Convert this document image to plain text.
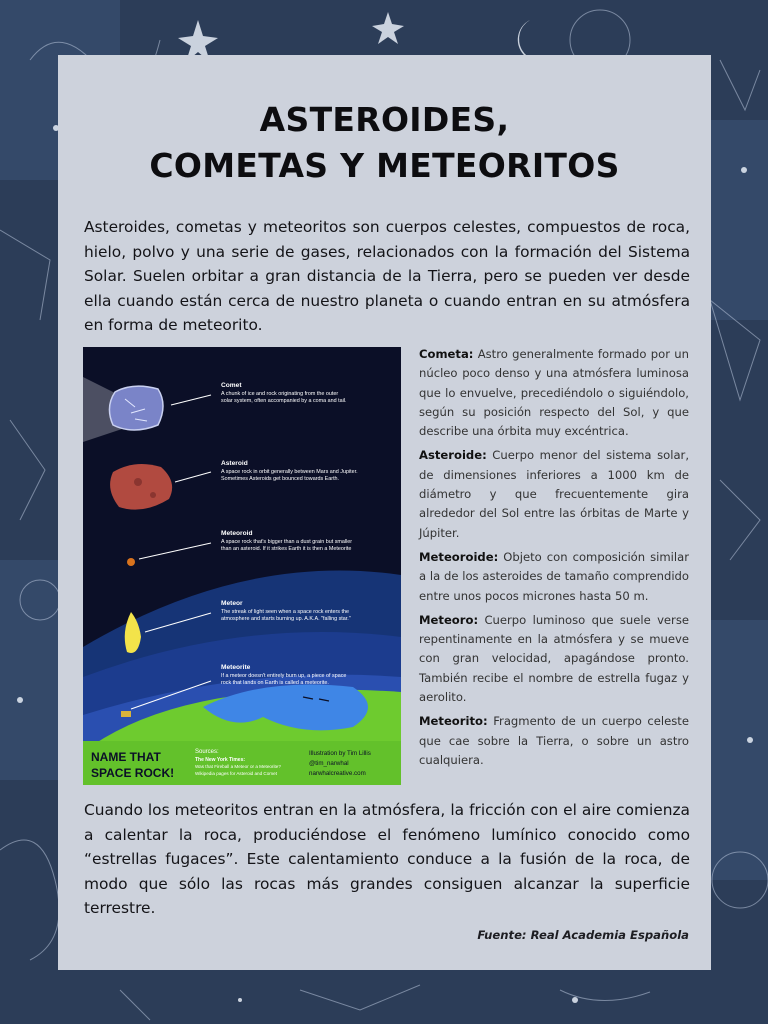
ASTEROIDES,
COMETAS Y METEORITOS

Asteroides, cometas y meteoritos son cuerpos celestes, compuestos de roca, hielo, polvo y una serie de gases, relacionados con la formación del Sistema Solar. Suelen orbitar a gran distancia de la Tierra, pero se pueden ver desde ella cuando están cerca de nuestro planeta o cuando entran en su atmósfera en forma de meteorito.

Comet
A chunk of ice and rock originating from the outer
solar system, often accompanied by a coma and tail.
Asteroid
A space rock in orbit generally between Mars and Jupiter.
Sometimes Asteroids get bounced towards Earth.
Meteoroid
A space rock that's bigger than a dust grain but smaller
than an asteroid. If it strikes Earth it is then a Meteorite
Meteor
The streak of light seen when a space rock enters the
atmosphere and starts burning up. A.K.A. "falling star."
Meteorite
If a meteor doesn't entirely burn up, a piece of space
rock that lands on Earth is called a meteorite.
NAME THAT
SPACE ROCK!
Sources:
The New York Times:
Was that Fireball a Meteor or a Meteorite?
Wikipedia pages for Asteroid and Comet
Illustration by Tim Lillis
@tim_narwhal
narwhalcreative.com
Cometa: Astro generalmente formado por un núcleo poco denso y una atmósfera luminosa que lo envuelve, precediéndolo o siguiéndolo, según su posición respecto del Sol, y que describe una órbita muy excéntrica.
Asteroide: Cuerpo menor del sistema solar, de dimensiones inferiores a 1000 km de diámetro y que frecuentemente gira alrededor del Sol entre las órbitas de Marte y Júpiter.
Meteoroide: Objeto con composición similar a la de los asteroides de tamaño comprendido entre unos pocos micrones hasta 50 m.
Meteoro: Cuerpo luminoso que suele verse repentinamente en la atmósfera y se mueve con gran velocidad, apagándose pronto. También recibe el nombre de estrella fugaz y aerolito.
Meteorito: Fragmento de un cuerpo celeste que cae sobre la Tierra, o sobre un astro cualquiera.

Cuando los meteoritos entran en la atmósfera, la fricción con el aire comienza a calentar la roca, produciéndose el fenómeno lumínico conocido como “estrellas fugaces”. Este calentamiento conduce a la fusión de la roca, de modo que sólo las rocas más grandes consiguen alcanzar la superficie terrestre.

Fuente: Real Academia Española
